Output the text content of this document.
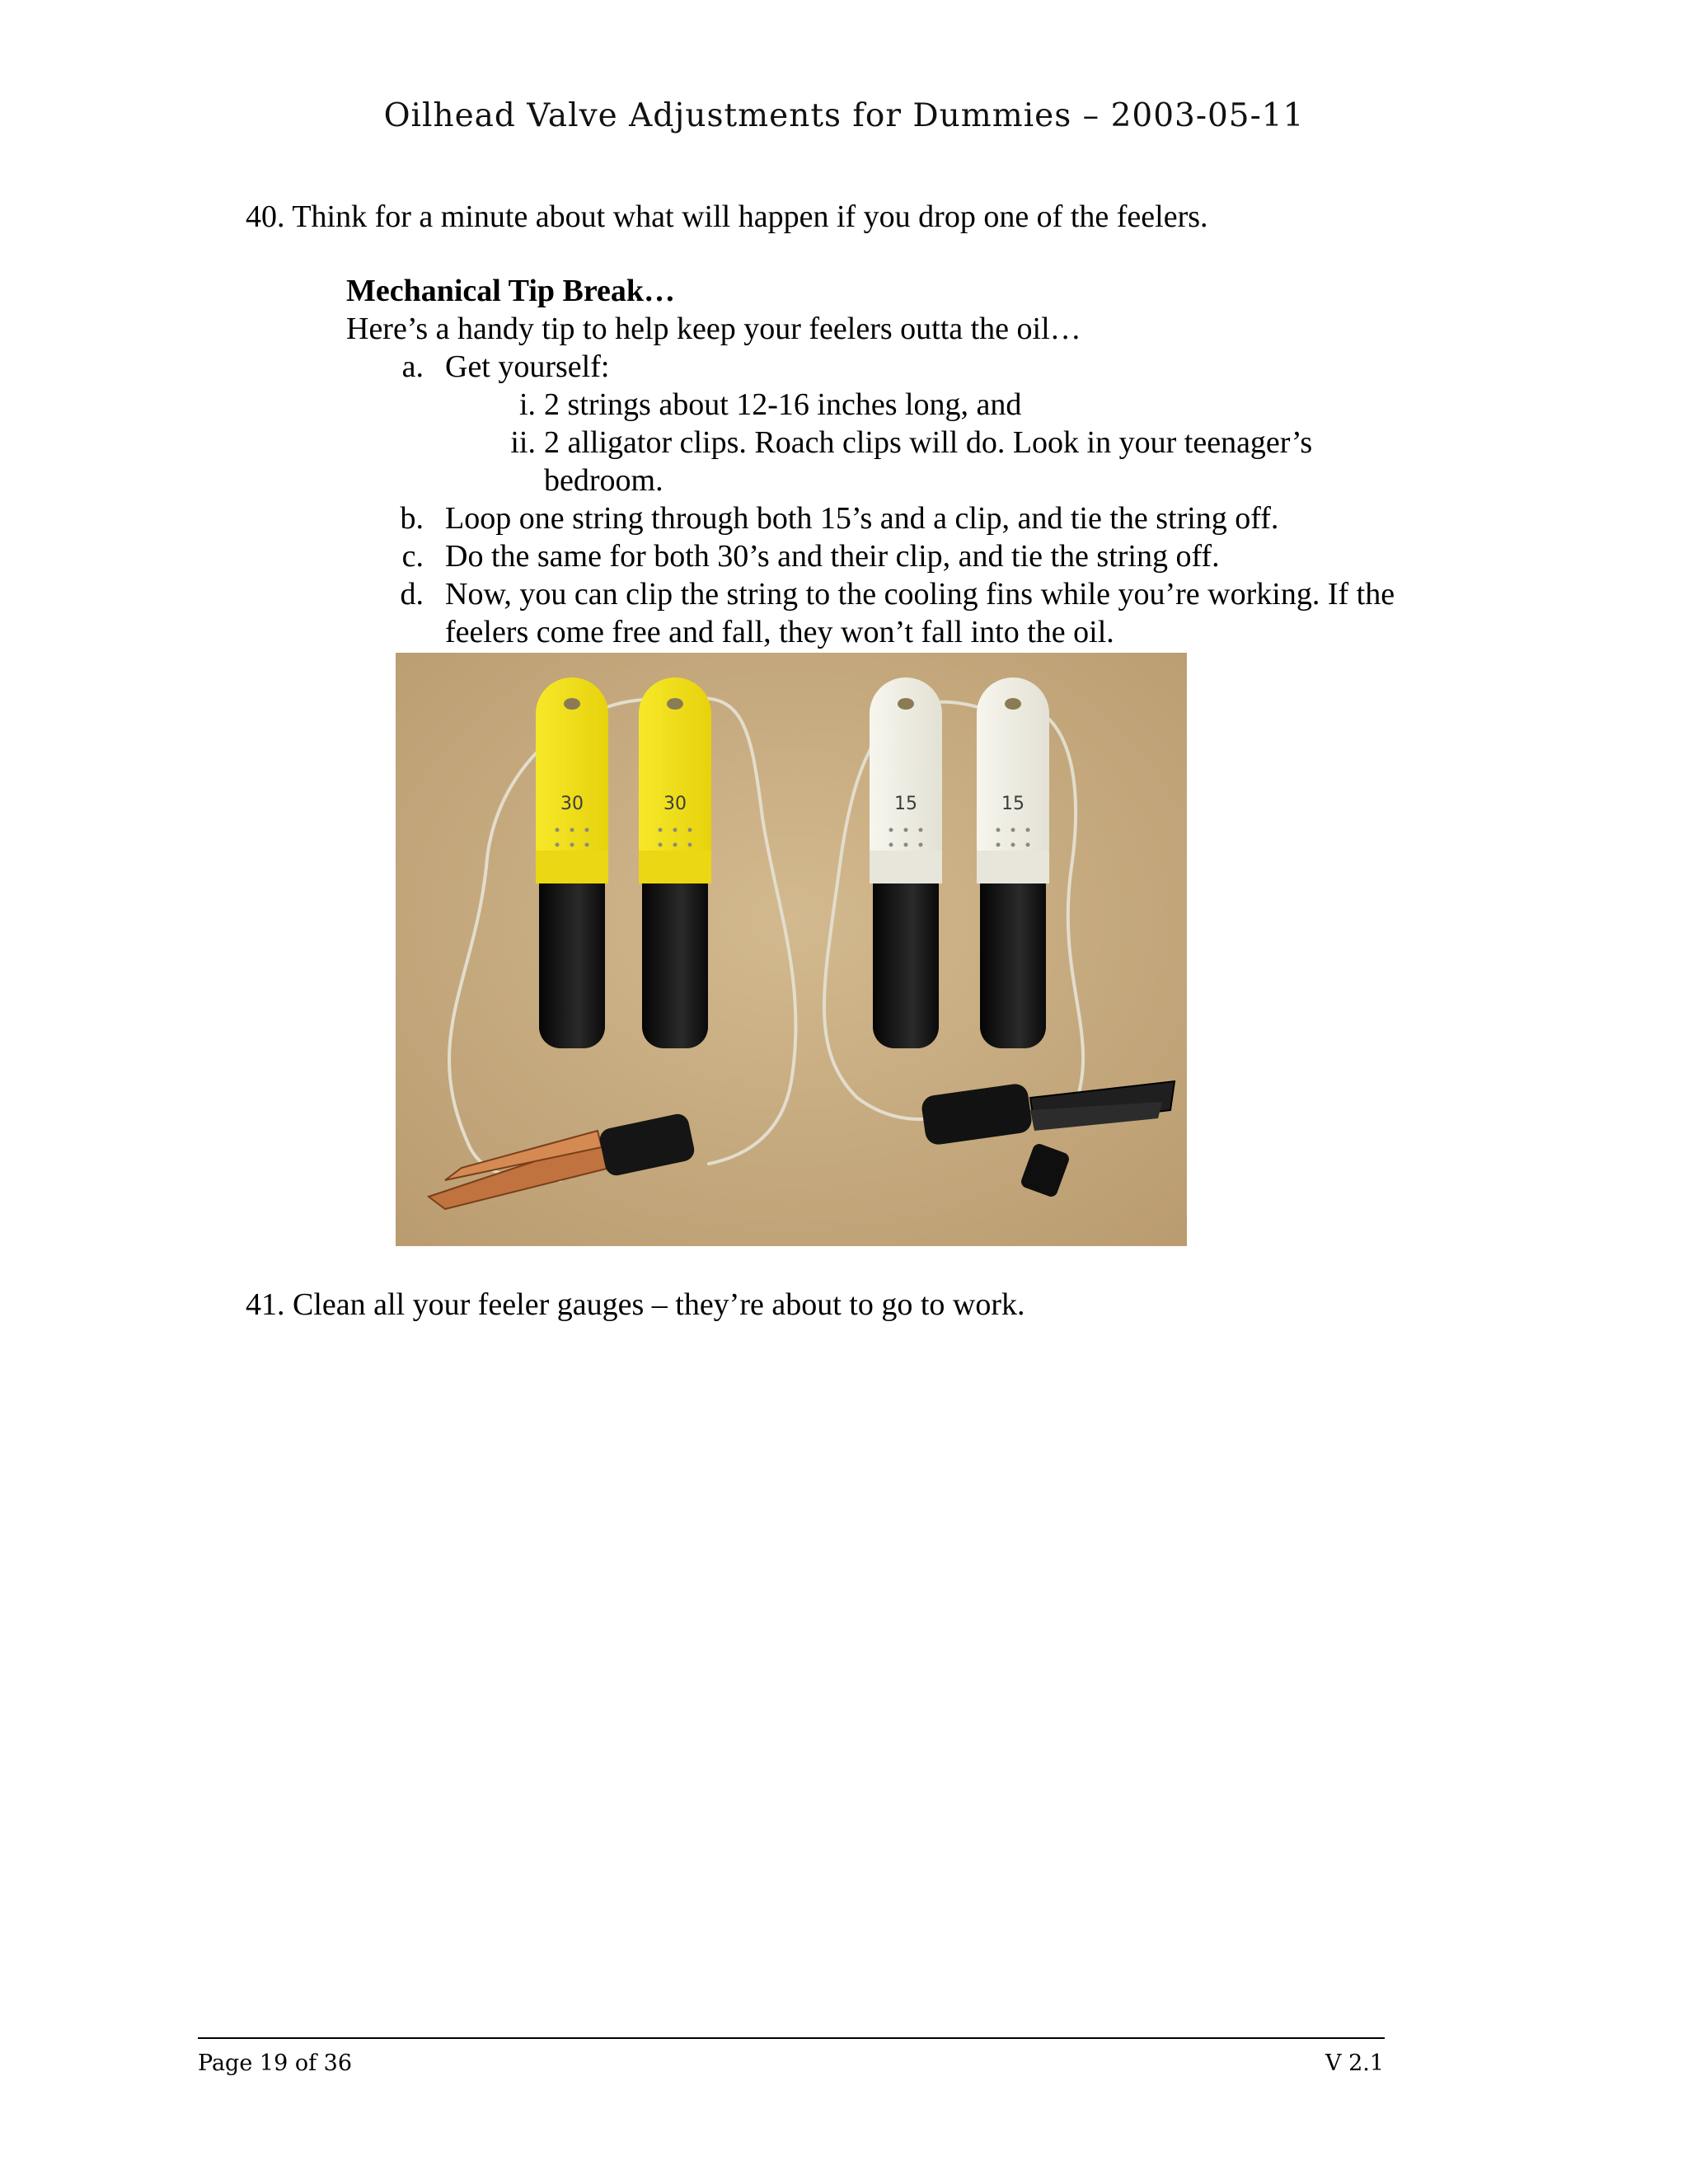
Oilhead Valve Adjustments for Dummies – 2003-05-11
40. Think for a minute about what will happen if you drop one of the feelers.
Mechanical Tip Break…
Here’s a handy tip to help keep your feelers outta the oil…
a. Get yourself:
i. 2 strings about 12-16 inches long, and
ii. 2 alligator clips. Roach clips will do. Look in your teenager’s
bedroom.
b. Loop one string through both 15’s and a clip, and tie the string off.
c. Do the same for both 30’s and their clip, and tie the string off.
d. Now, you can clip the string to the cooling fins while you’re working. If the
feelers come free and fall, they won’t fall into the oil.
30	30	15	15
41. Clean all your feeler gauges – they’re about to go to work.
Page 19 of 36	V 2.1
